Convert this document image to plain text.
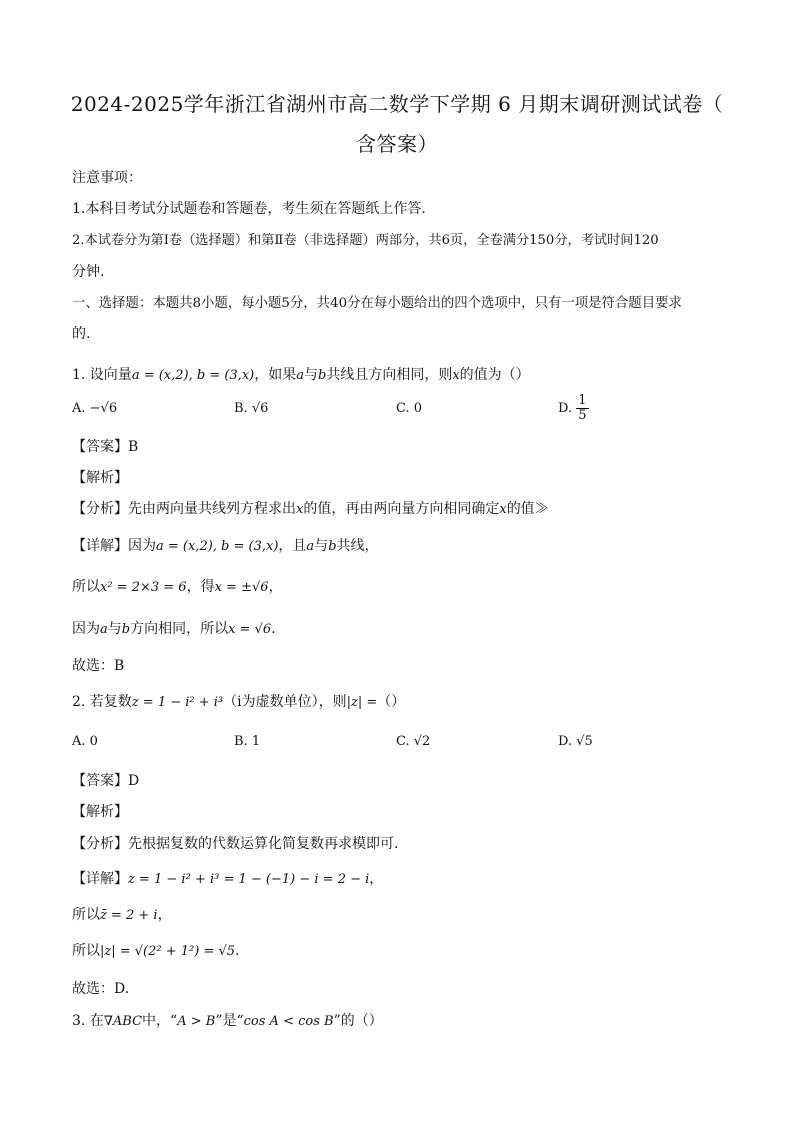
2024-2025学年浙江省湖州市高二数学下学期 6 月期末调研测试试卷（
含答案）
注意事项：
1.本科目考试分试题卷和答题卷，考生须在答题纸上作答.
2.本试卷分为第Ⅰ卷（选择题）和第Ⅱ卷（非选择题）两部分，共6页，全卷满分150分，考试时间120
分钟.
一、选择题：本题共8小题，每小题5分，共40分在每小题给出的四个选项中，只有一项是符合题目要求
的.
1. 设向量a = (x,2), b = (3,x)，如果a与b共线且方向相同，则x的值为（）
A. −√6	B. √6	C. 0	D. $\frac{1}{5}$
【答案】B
【解析】
【分析】先由两向量共线列方程求出x的值，再由两向量方向相同确定x的值≫
【详解】因为a = (x,2), b = (3,x)，且a与b共线，
所以x² = 2×3 = 6，得x = ±√6，
因为a与b方向相同，所以x = √6.
故选：B
2. 若复数z = 1 − i² + i³（i为虚数单位），则|z| =（）
A. 0	B. 1	C. √2	D. √5
【答案】D
【解析】
【分析】先根据复数的代数运算化简复数再求模即可.
【详解】z = 1 − i² + i³ = 1 − (−1) − i = 2 − i，
所以z̄ = 2 + i，
所以|z| = √(2² + 1²) = √5.
故选：D.
3. 在∇ABC中，“A > B”是“cos A < cos B”的（）
